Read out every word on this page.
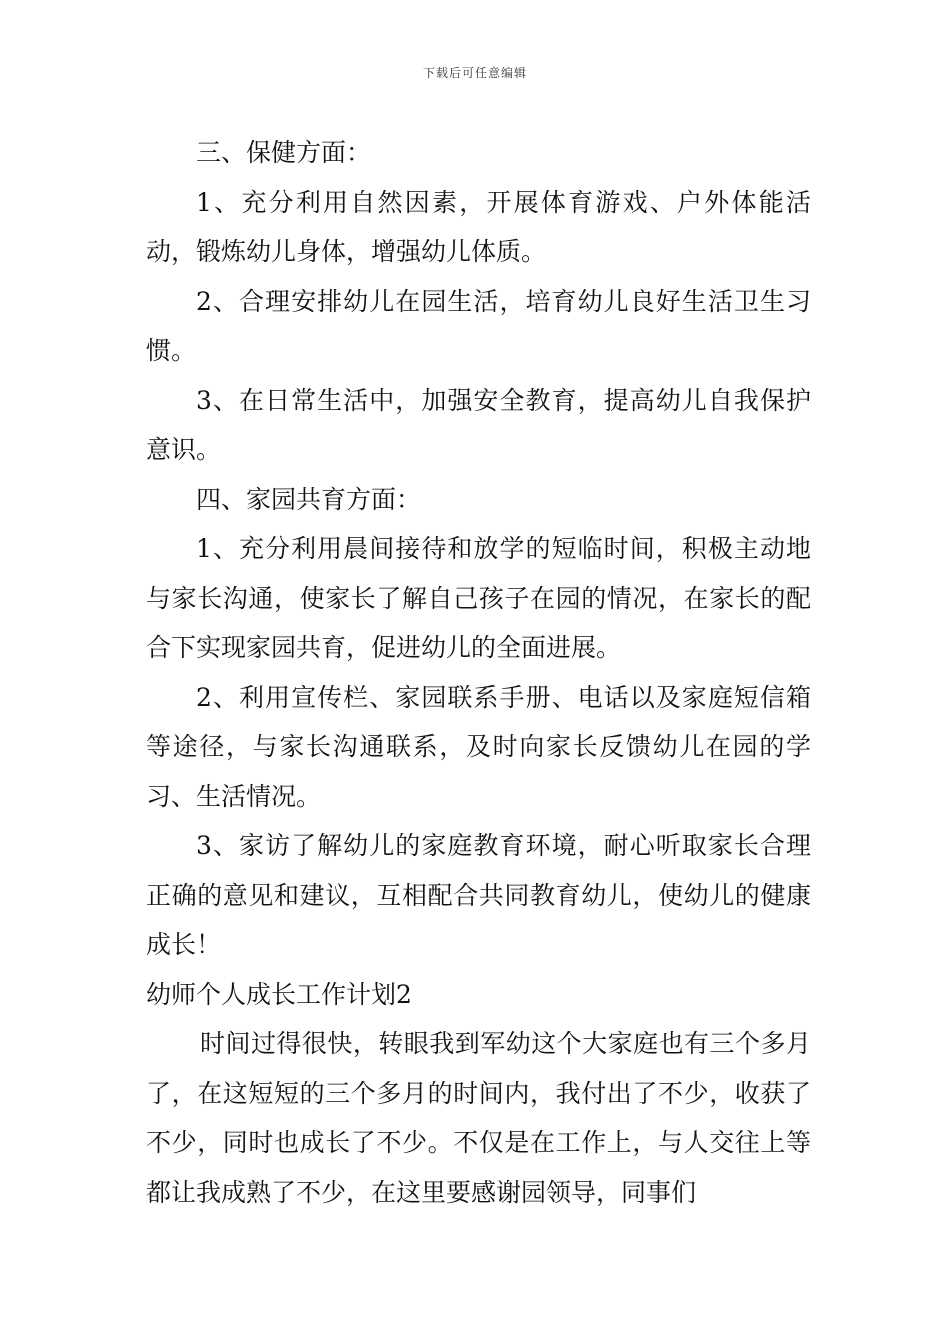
下载后可任意编辑

三、保健方面：

1、充分利用自然因素，开展体育游戏、户外体能活动，锻炼幼儿身体，增强幼儿体质。

2、合理安排幼儿在园生活，培育幼儿良好生活卫生习惯。

3、在日常生活中，加强安全教育，提高幼儿自我保护意识。

四、家园共育方面：

1、充分利用晨间接待和放学的短临时间，积极主动地与家长沟通，使家长了解自己孩子在园的情况，在家长的配合下实现家园共育，促进幼儿的全面进展。

2、利用宣传栏、家园联系手册、电话以及家庭短信箱等途径，与家长沟通联系，及时向家长反馈幼儿在园的学习、生活情况。

3、家访了解幼儿的家庭教育环境，耐心听取家长合理正确的意见和建议，互相配合共同教育幼儿，使幼儿的健康成长！

幼师个人成长工作计划2

时间过得很快，转眼我到军幼这个大家庭也有三个多月了，在这短短的三个多月的时间内，我付出了不少，收获了不少，同时也成长了不少。不仅是在工作上，与人交往上等都让我成熟了不少，在这里要感谢园领导，同事们
